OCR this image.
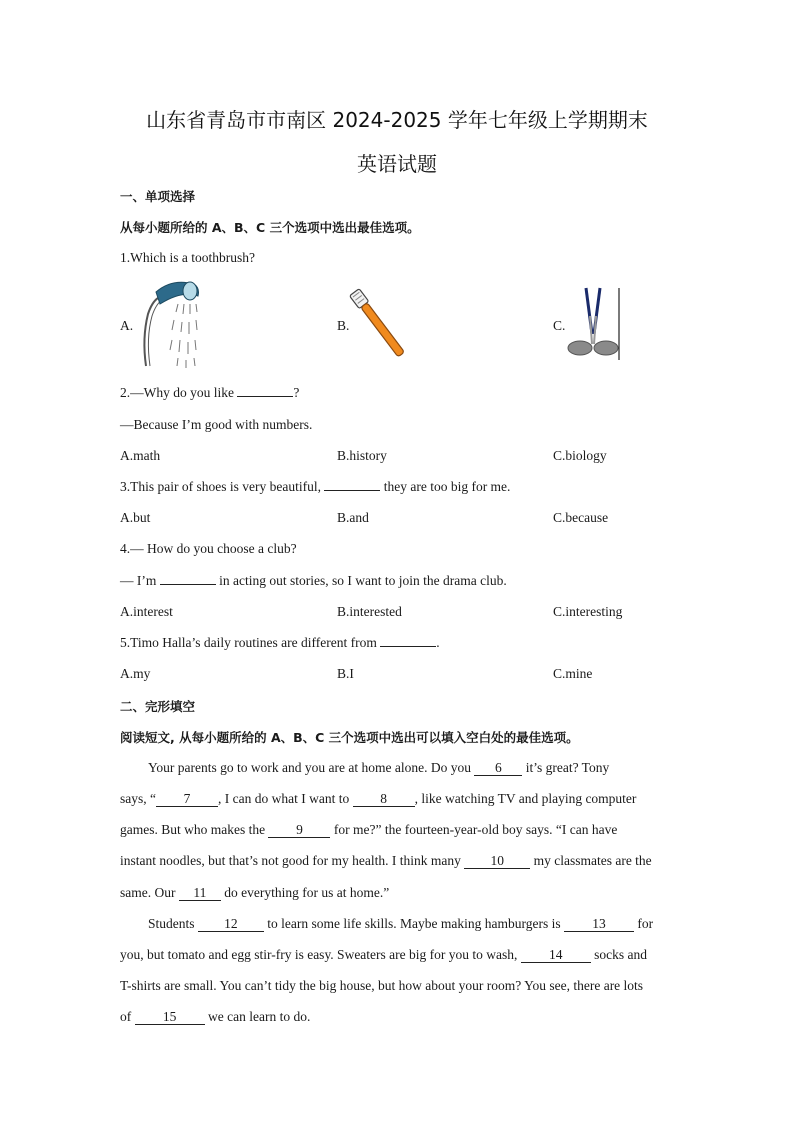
山东省青岛市市南区 2024-2025 学年七年级上学期期末
英语试题
一、单项选择
从每小题所给的 A、B、C 三个选项中选出最佳选项。
1.Which is a toothbrush?
A.	B.	C.
2.—Why do you like	?
—Because I’m good with numbers.
A.math	B.history	C.biology
3.This pair of shoes is very beautiful,	they are too big for me.
A.but	B.and	C.because
4.— How do you choose a club?
— I’m	in acting out stories, so I want to join the drama club.
A.interest	B.interested	C.interesting
5.Timo Halla’s daily routines are different from	.
A.my	B.I	C.mine
二、完形填空
阅读短文, 从每小题所给的 A、B、C 三个选项中选出可以填入空白处的最佳选项。
Your parents go to work and you are at home alone. Do you 6 it’s great? Tony
says, “ 7 , I can do what I want to 8 , like watching TV and playing computer
games. But who makes the 9 for me?” the fourteen-year-old boy says. “I can have
instant noodles, but that’s not good for my health. I think many 10 my classmates are the
same. Our 11 do everything for us at home.”
Students 12 to learn some life skills. Maybe making hamburgers is 13 for
you, but tomato and egg stir-fry is easy. Sweaters are big for you to wash, 14 socks and
T-shirts are small. You can’t tidy the big house, but how about your room? You see, there are lots
of 15 we can learn to do.
